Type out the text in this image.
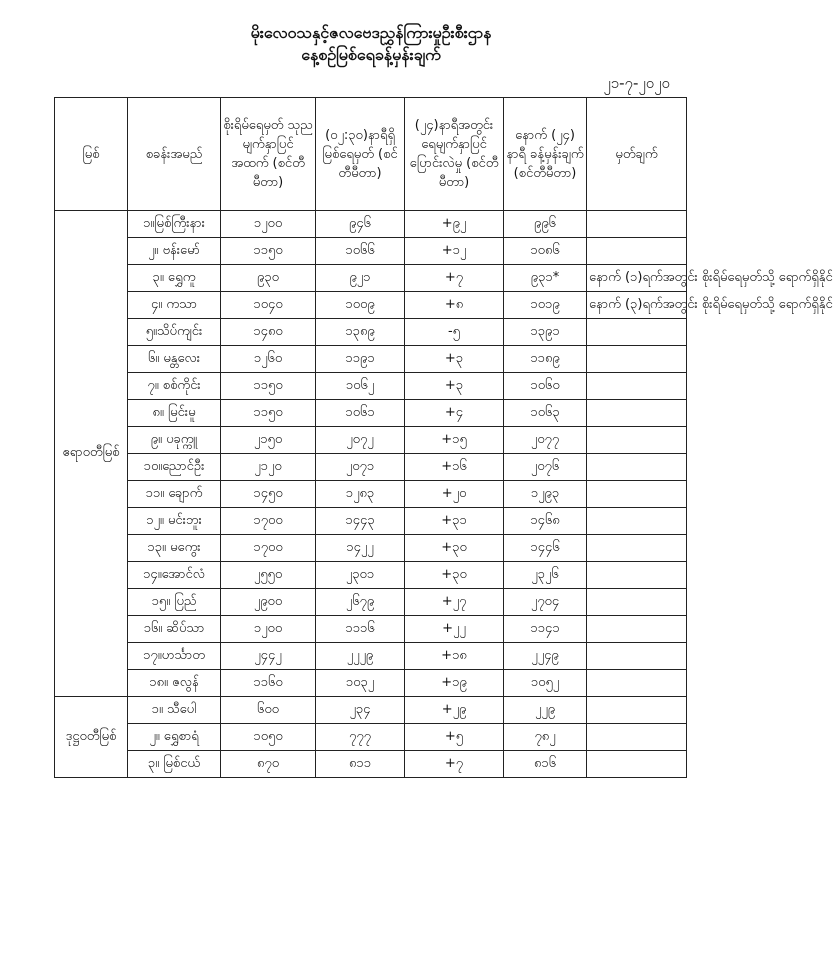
မိုးလေဝသနှင့်ဇလဗေဒညွှန်ကြားမှုဦးစီးဌာန
နေ့စဉ်မြစ်ရေခန့်မှန်းချက်
၂၁-၇-၂၀၂၀
မြစ်	စခန်းအမည်	စိုးရိမ်ရေမှတ် သုညမျက်နှာပြင် အထက် (စင်တီမီတာ)	(၀၂:၃၀)နာရီရှိ မြစ်ရေမှတ် (စင်တီမီတာ)	(၂၄)နာရီအတွင်း ရေမျက်နှာပြင် ပြောင်းလဲမှု (စင်တီမီတာ)	နောက် (၂၄) နာရီ ခန့်မှန်းချက် (စင်တီမီတာ)	မှတ်ချက်
ဧရာဝတီမြစ်	၁။မြစ်ကြီးနား	၁၂၀၀	၉၄၆	+၉၂	၉၉၆	
	၂။ ဗန်းမော်	၁၁၅၀	၁၀၆၆	+၁၂	၁၀၈၆	
	၃။ ရွှေကူ	၉၃၀	၉၂၁	+၇	၉၃၁*	နောက် (၁)ရက်အတွင်း စိုးရိမ်ရေမှတ်သို့ ရောက်ရှိနိုင်
	၄။ ကသာ	၁၀၄၀	၁၀၀၉	+၈	၁၀၁၉	နောက် (၃)ရက်အတွင်း စိုးရိမ်ရေမှတ်သို့ ရောက်ရှိနိုင်
	၅။သိပ်ကျင်း	၁၄၈၀	၁၃၈၉	-၅	၁၃၉၁	
	၆။ မန္တလေး	၁၂၆၀	၁၁၉၁	+၃	၁၁၈၉	
	၇။ စစ်ကိုင်း	၁၁၅၀	၁၀၆၂	+၃	၁၀၆၀	
	၈။ မြင်းမူ	၁၁၅၀	၁၀၆၁	+၄	၁၀၆၃	
	၉။ ပခုက္ကူ	၂၁၅၀	၂၀၇၂	+၁၅	၂၀၇၇	
	၁၀။ညောင်ဦး	၂၁၂၀	၂၀၇၁	+၁၆	၂၀၇၆	
	၁၁။ ချောက်	၁၄၅၀	၁၂၈၃	+၂၀	၁၂၉၃	
	၁၂။ မင်းဘူး	၁၇၀၀	၁၄၄၃	+၃၁	၁၄၆၈	
	၁၃။ မကွေး	၁၇၀၀	၁၄၂၂	+၃၀	၁၄၄၆	
	၁၄။အောင်လံ	၂၅၅၀	၂၃၀၁	+၃၀	၂၃၂၆	
	၁၅။ ပြည်	၂၉၀၀	၂၆၇၉	+၂၇	၂၇၀၄	
	၁၆။ ဆိပ်သာ	၁၂၀၀	၁၁၁၆	+၂၂	၁၁၄၁	
	၁၇။ဟင်္သာတ	၂၄၄၂	၂၂၂၉	+၁၈	၂၂၄၉	
	၁၈။ ဇလွန်	၁၁၆၀	၁၀၃၂	+၁၉	၁၀၅၂	
ဒုဋ္ဌဝတီမြစ်	၁။ သီပေါ	၆၀၀	၂၃၄	+၂၉	၂၂၉	
	၂။ ရွှေစာရံ	၁၀၅၀	၇၇၇	+၅	၇၈၂	
	၃။ မြစ်ငယ်	၈၇၀	၈၁၁	+၇	၈၁၆	
